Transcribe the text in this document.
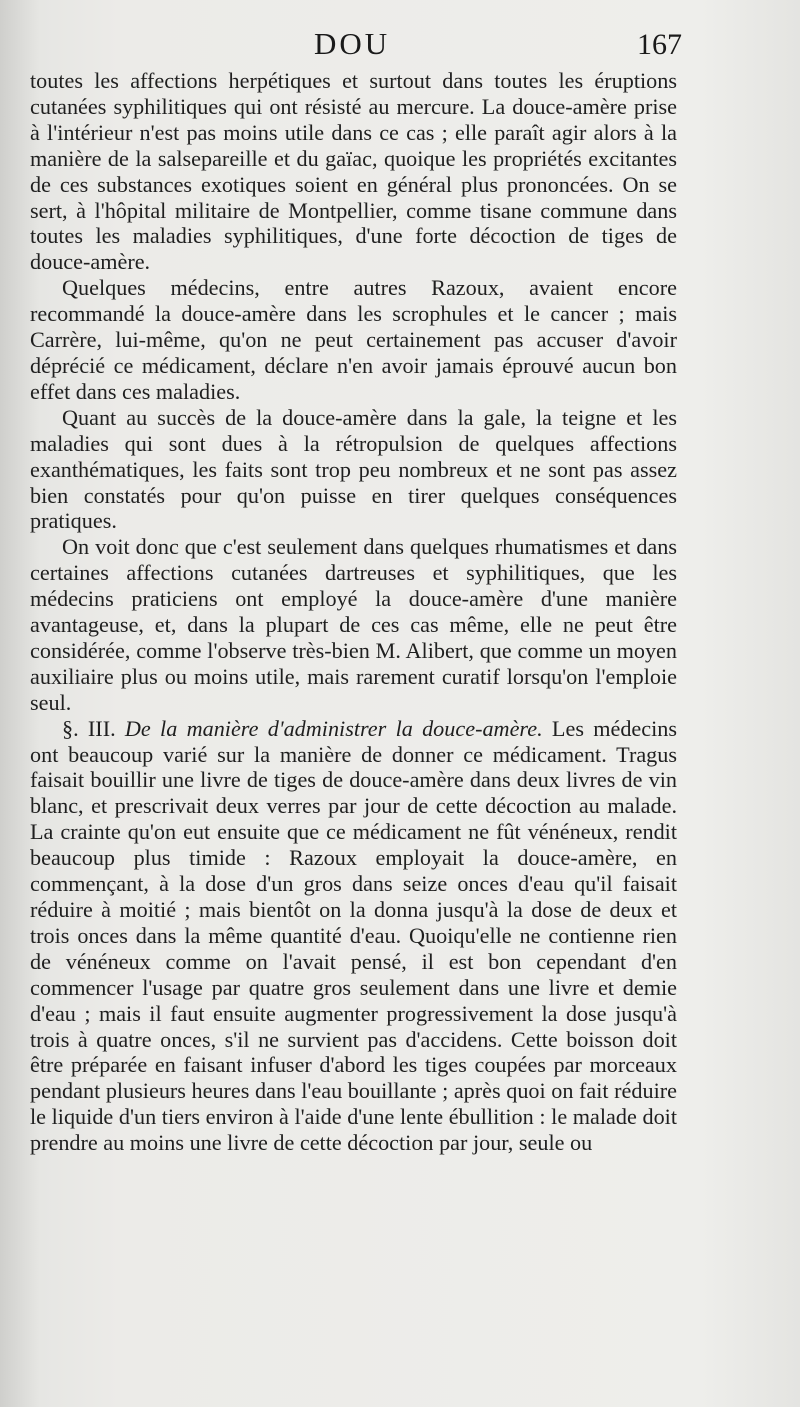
DOU	167

toutes les affections herpétiques et surtout dans toutes les éruptions cutanées syphilitiques qui ont résisté au mercure. La douce-amère prise à l'intérieur n'est pas moins utile dans ce cas ; elle paraît agir alors à la manière de la salsepareille et du gaïac, quoique les propriétés excitantes de ces substances exotiques soient en général plus prononcées. On se sert, à l'hôpital militaire de Montpellier, comme tisane commune dans toutes les maladies syphilitiques, d'une forte décoction de tiges de douce-amère.

Quelques médecins, entre autres Razoux, avaient encore recommandé la douce-amère dans les scrophules et le cancer ; mais Carrère, lui-même, qu'on ne peut certainement pas accuser d'avoir déprécié ce médicament, déclare n'en avoir jamais éprouvé aucun bon effet dans ces maladies.

Quant au succès de la douce-amère dans la gale, la teigne et les maladies qui sont dues à la rétropulsion de quelques affections exanthématiques, les faits sont trop peu nombreux et ne sont pas assez bien constatés pour qu'on puisse en tirer quelques conséquences pratiques.

On voit donc que c'est seulement dans quelques rhumatismes et dans certaines affections cutanées dartreuses et syphilitiques, que les médecins praticiens ont employé la douce-amère d'une manière avantageuse, et, dans la plupart de ces cas même, elle ne peut être considérée, comme l'observe très-bien M. Alibert, que comme un moyen auxiliaire plus ou moins utile, mais rarement curatif lorsqu'on l'emploie seul.

§. III. De la manière d'administrer la douce-amère. Les médecins ont beaucoup varié sur la manière de donner ce médicament. Tragus faisait bouillir une livre de tiges de douce-amère dans deux livres de vin blanc, et prescrivait deux verres par jour de cette décoction au malade. La crainte qu'on eut ensuite que ce médicament ne fût vénéneux, rendit beaucoup plus timide : Razoux employait la douce-amère, en commençant, à la dose d'un gros dans seize onces d'eau qu'il faisait réduire à moitié ; mais bientôt on la donna jusqu'à la dose de deux et trois onces dans la même quantité d'eau. Quoiqu'elle ne contienne rien de vénéneux comme on l'avait pensé, il est bon cependant d'en commencer l'usage par quatre gros seulement dans une livre et demie d'eau ; mais il faut ensuite augmenter progressivement la dose jusqu'à trois à quatre onces, s'il ne survient pas d'accidens. Cette boisson doit être préparée en faisant infuser d'abord les tiges coupées par morceaux pendant plusieurs heures dans l'eau bouillante ; après quoi on fait réduire le liquide d'un tiers environ à l'aide d'une lente ébullition : le malade doit prendre au moins une livre de cette décoction par jour, seule ou
